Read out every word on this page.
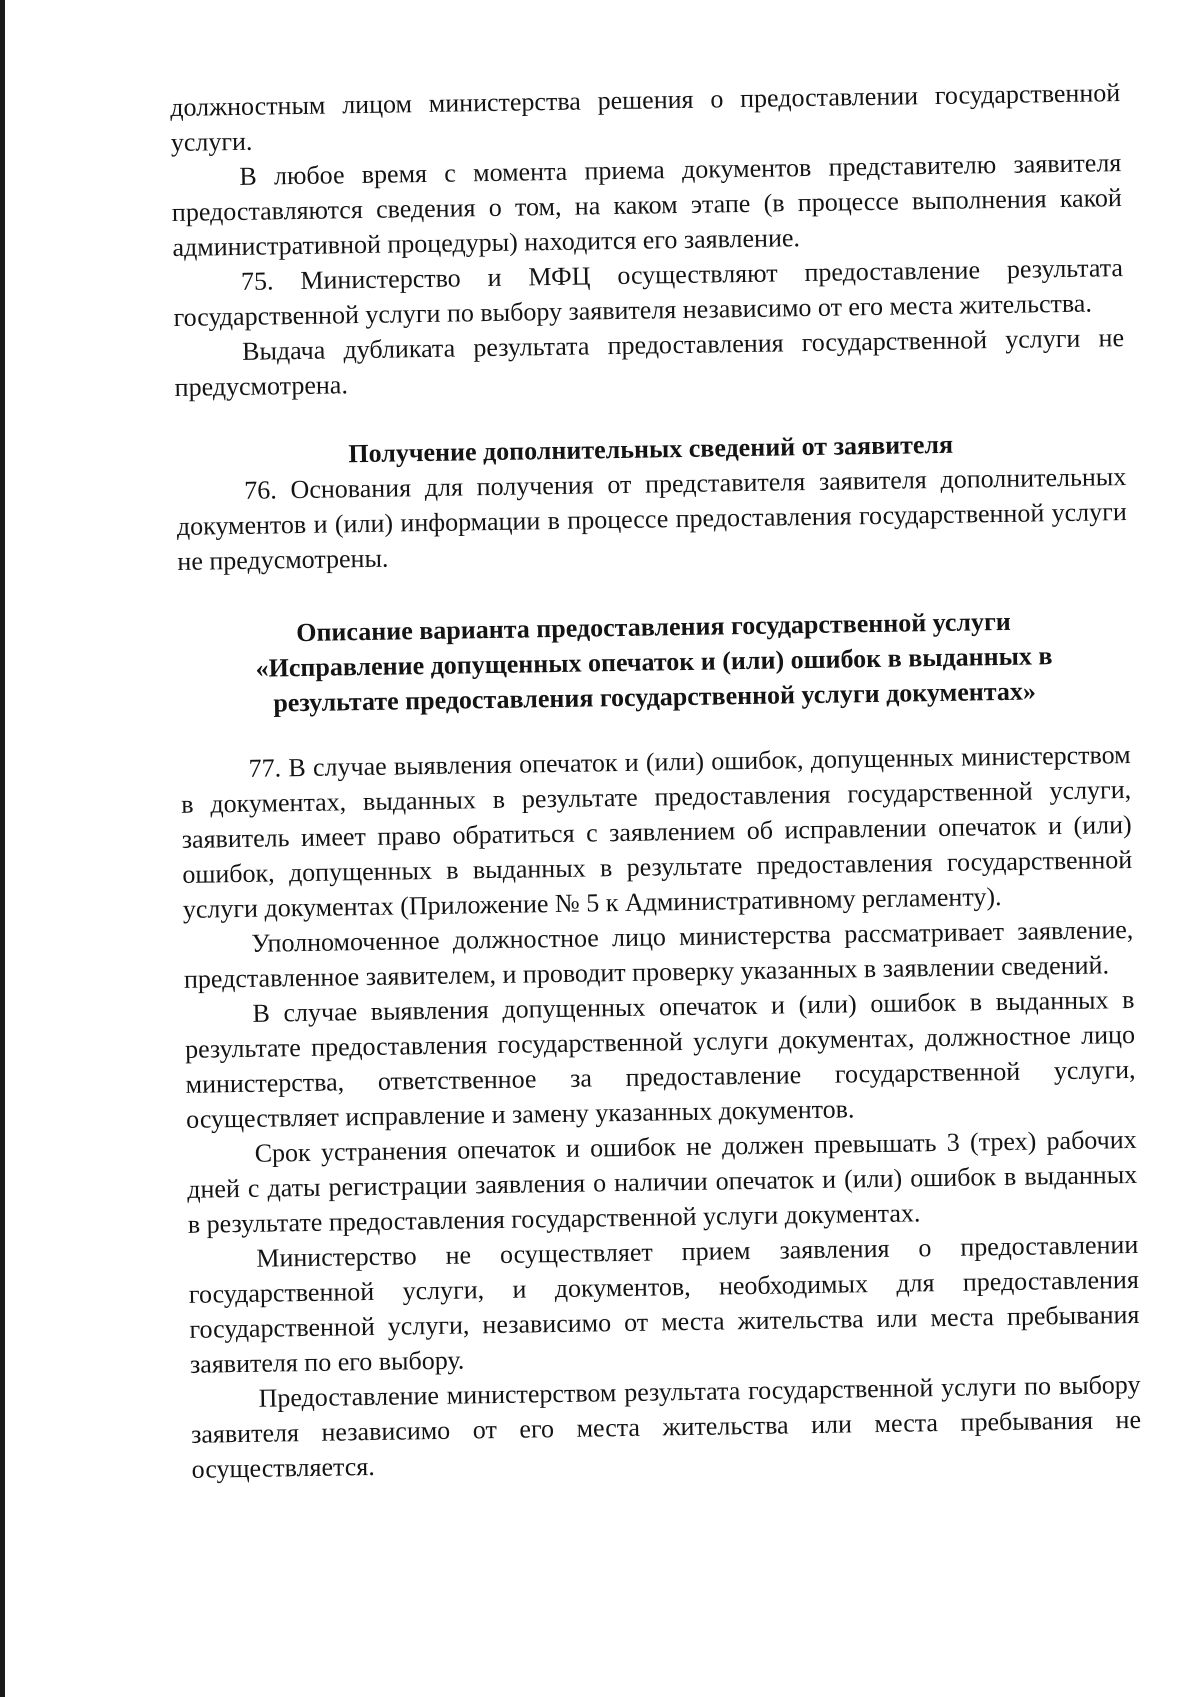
должностным лицом министерства решения о предоставлении государственной услуги.

В любое время с момента приема документов представителю заявителя предоставляются сведения о том, на каком этапе (в процессе выполнения какой административной процедуры) находится его заявление.

75. Министерство и МФЦ осуществляют предоставление результата государственной услуги по выбору заявителя независимо от его места жительства.

Выдача дубликата результата предоставления государственной услуги не предусмотрена.

Получение дополнительных сведений от заявителя

76. Основания для получения от представителя заявителя дополнительных документов и (или) информации в процессе предоставления государственной услуги не предусмотрены.

Описание варианта предоставления государственной услуги
«Исправление допущенных опечаток и (или) ошибок в выданных в
результате предоставления государственной услуги документах»

77. В случае выявления опечаток и (или) ошибок, допущенных министерством в документах, выданных в результате предоставления государственной услуги, заявитель имеет право обратиться с заявлением об исправлении опечаток и (или) ошибок, допущенных в выданных в результате предоставления государственной услуги документах (Приложение № 5 к Административному регламенту).

Уполномоченное должностное лицо министерства рассматривает заявление, представленное заявителем, и проводит проверку указанных в заявлении сведений.

В случае выявления допущенных опечаток и (или) ошибок в выданных в результате предоставления государственной услуги документах, должностное лицо министерства, ответственное за предоставление государственной услуги, осуществляет исправление и замену указанных документов.

Срок устранения опечаток и ошибок не должен превышать 3 (трех) рабочих дней с даты регистрации заявления о наличии опечаток и (или) ошибок в выданных в результате предоставления государственной услуги документах.

Министерство не осуществляет прием заявления о предоставлении государственной услуги, и документов, необходимых для предоставления государственной услуги, независимо от места жительства или места пребывания заявителя по его выбору.

Предоставление министерством результата государственной услуги по выбору заявителя независимо от его места жительства или места пребывания не осуществляется.
